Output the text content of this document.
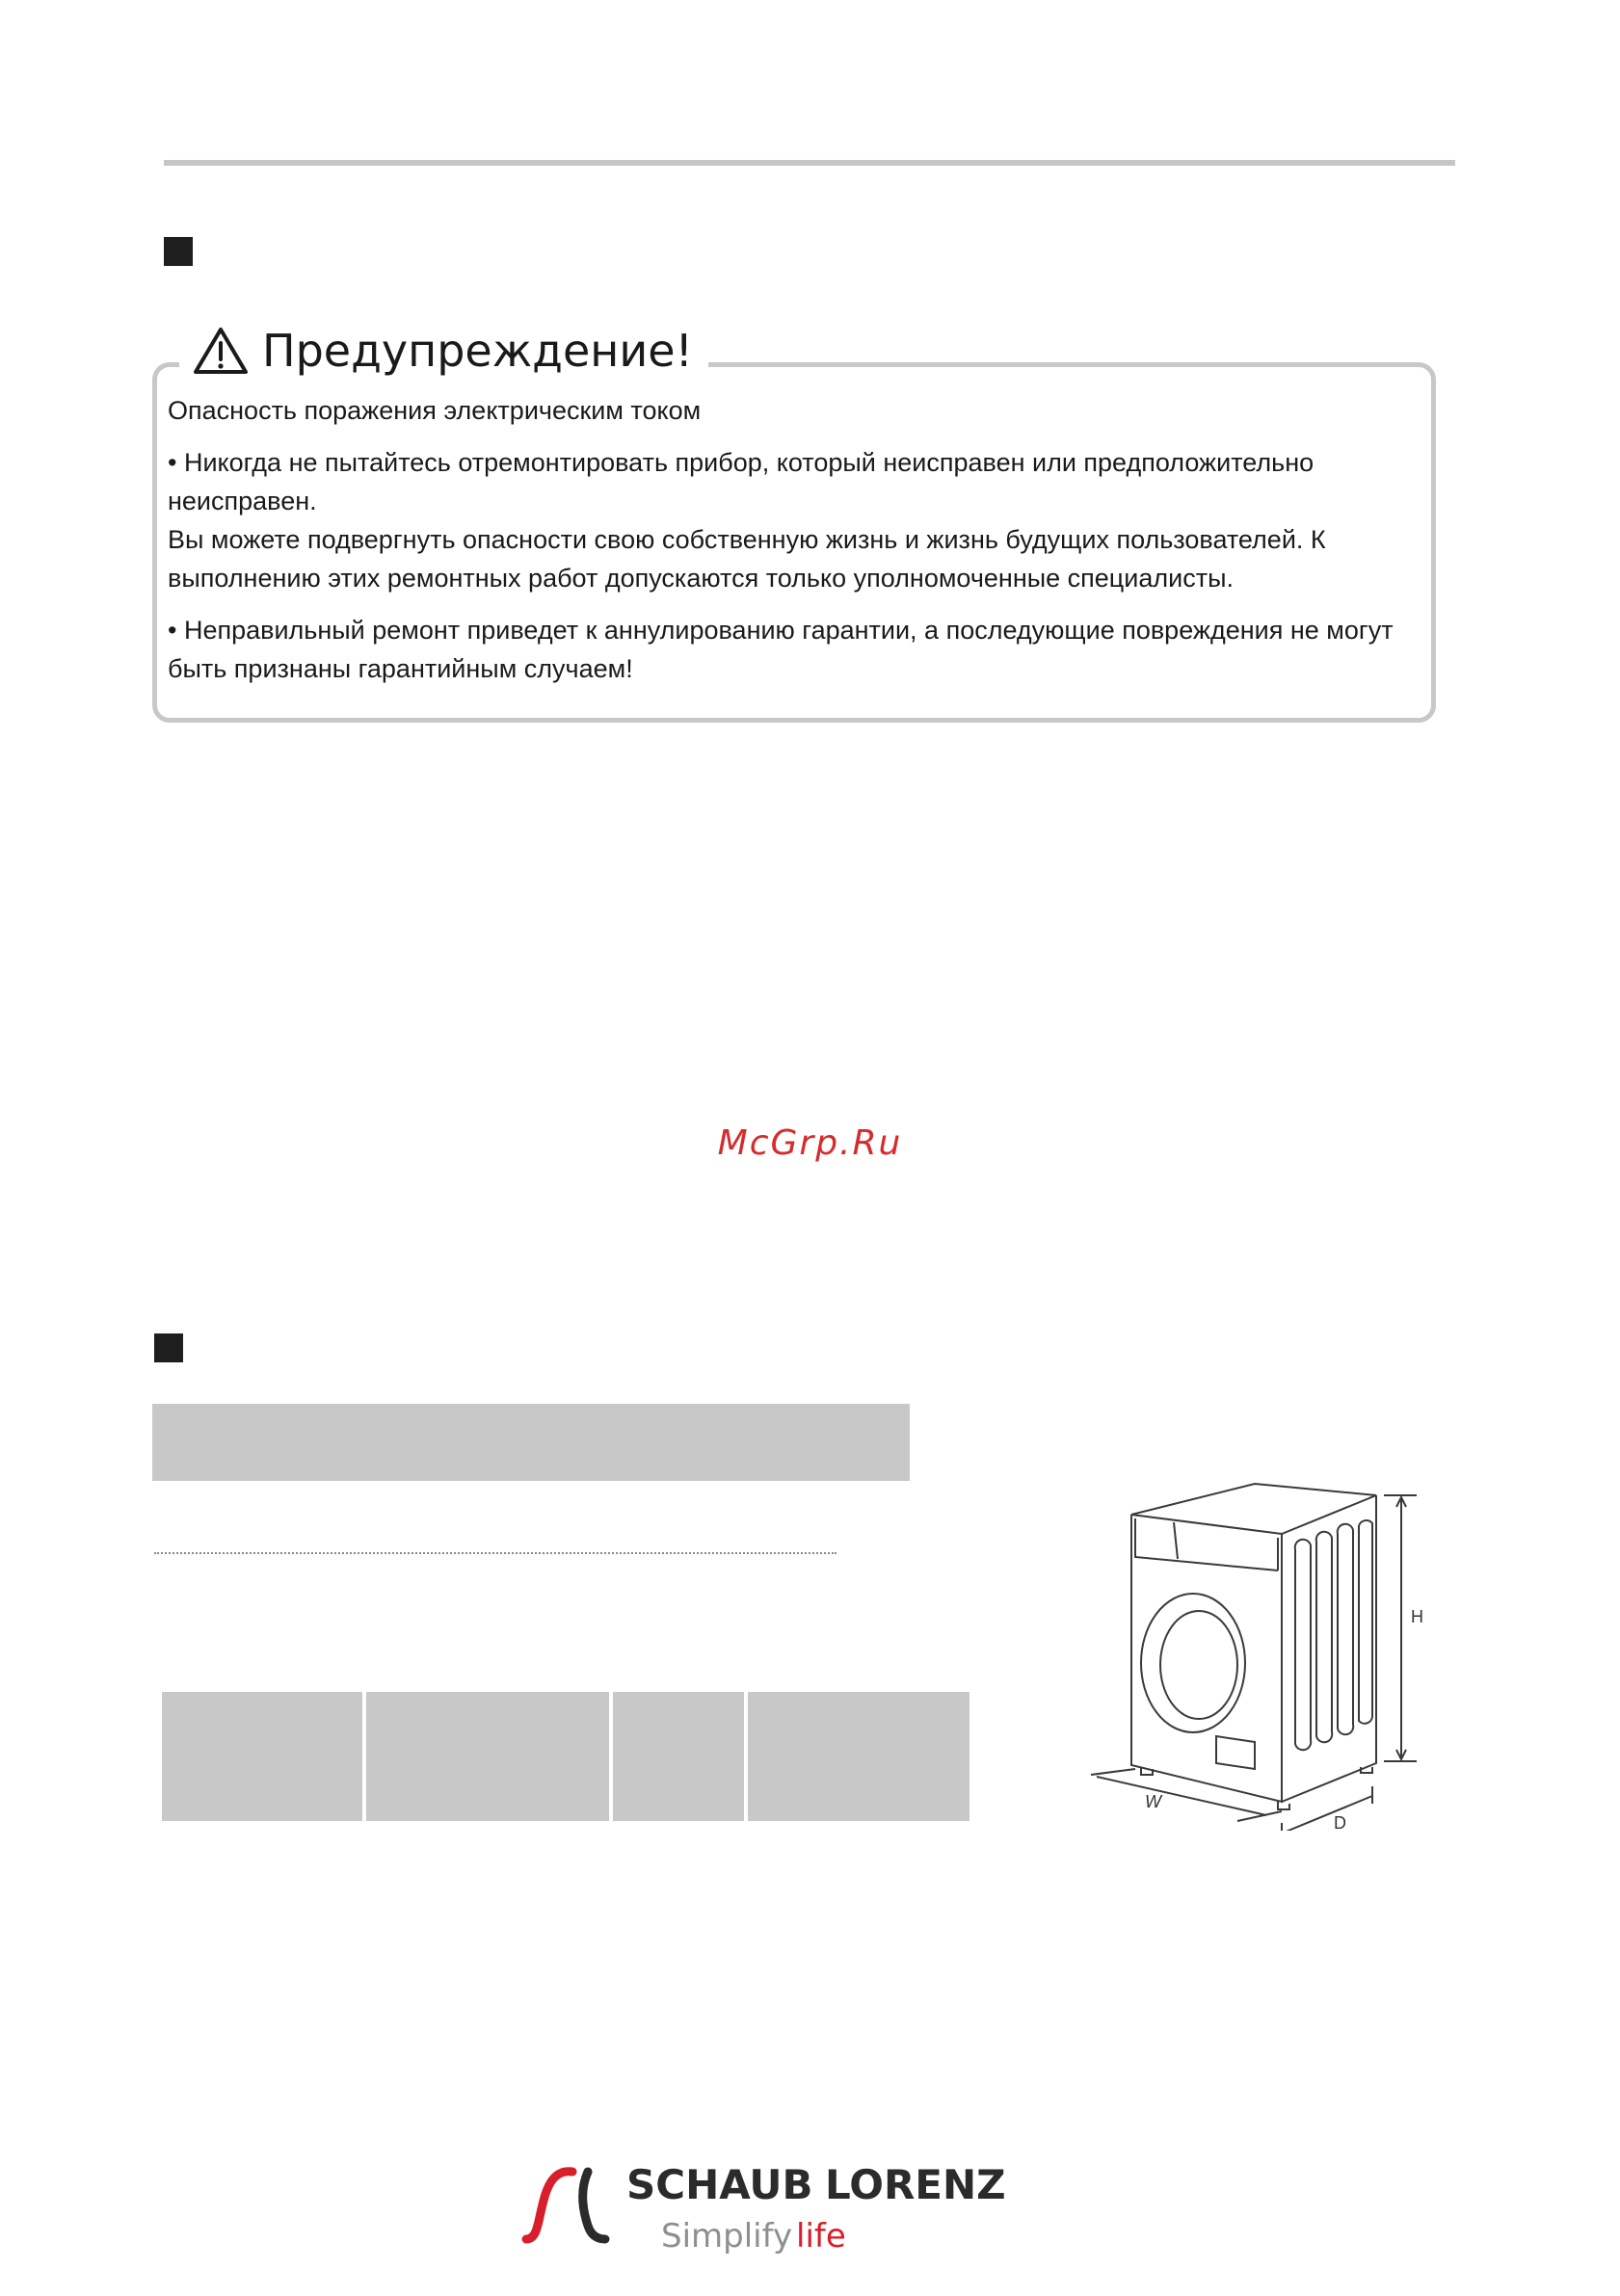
Предупреждение!

Опасность поражения электрическим током

• Никогда не пытайтесь отремонтировать прибор, который неисправен или предположительно

неисправен.

Вы можете подвергнуть опасности свою собственную жизнь и жизнь будущих пользователей. К

выполнению этих ремонтных работ допускаются только уполномоченные специалисты.

• Неправильный ремонт приведет к аннулированию гарантии, а последующие повреждения не могут

быть признаны гарантийным случаем!

McGrp.Ru
H
W
D
SCHAUB LORENZ
Simplify life
